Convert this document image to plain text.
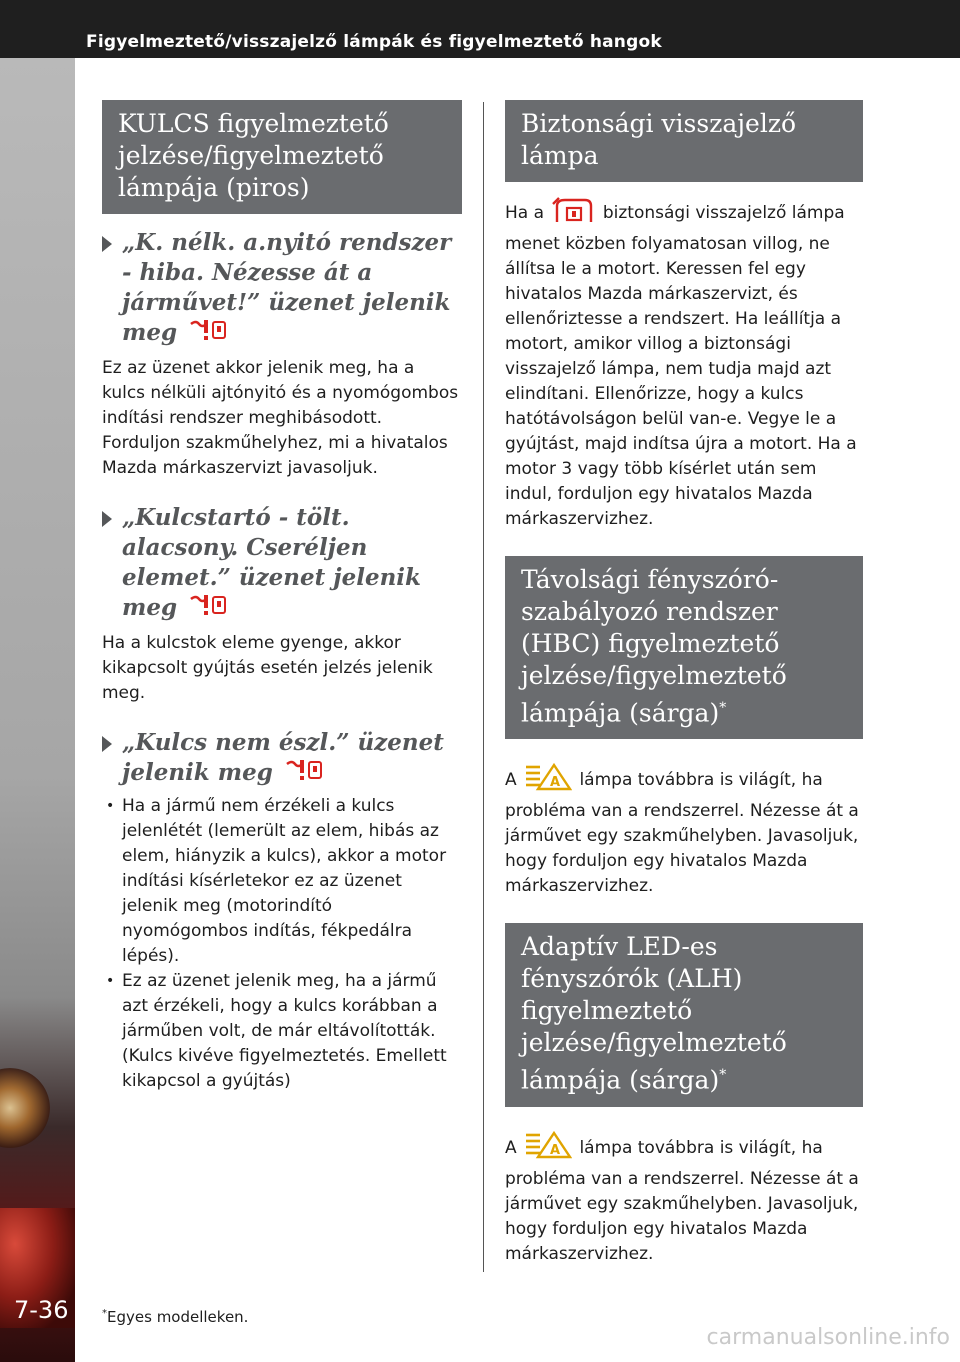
Figyelmeztető/visszajelző lámpák és figyelmeztető hangok
7-36
KULCS figyelmeztető jelzése/figyelmeztető lámpája (piros)
„K. nélk. a.nyitó rendszer - hiba. Nézesse át a járművet!” üzenet jelenik meg
Ez az üzenet akkor jelenik meg, ha a kulcs nélküli ajtónyitó és a nyomógombos indítási rendszer meghibásodott. Forduljon szakműhelyhez, mi a hivatalos Mazda márkaszervizt javasoljuk.
„Kulcstartó - tölt. alacsony. Cseréljen elemet.” üzenet jelenik meg
Ha a kulcstok eleme gyenge, akkor kikapcsolt gyújtás esetén jelzés jelenik meg.
„Kulcs nem észl.” üzenet jelenik meg
• Ha a jármű nem érzékeli a kulcs jelenlétét (lemerült az elem, hibás az elem, hiányzik a kulcs), akkor a motor indítási kísérletekor ez az üzenet jelenik meg (motorindító nyomógombos indítás, fékpedálra lépés).
• Ez az üzenet jelenik meg, ha a jármű azt érzékeli, hogy a kulcs korábban a járműben volt, de már eltávolították. (Kulcs kivéve figyelmeztetés. Emellett kikapcsol a gyújtás)
Biztonsági visszajelző lámpa
Ha a	biztonsági visszajelző lámpa menet közben folyamatosan villog, ne állítsa le a motort. Keressen fel egy hivatalos Mazda márkaszervizt, és ellenőriztesse a rendszert. Ha leállítja a motort, amikor villog a biztonsági visszajelző lámpa, nem tudja majd azt elindítani. Ellenőrizze, hogy a kulcs hatótávolságon belül van-e. Vegye le a gyújtást, majd indítsa újra a motort. Ha a motor 3 vagy több kísérlet után sem indul, forduljon egy hivatalos Mazda márkaszervizhez.
Távolsági fényszóró-szabályozó rendszer (HBC) figyelmeztető jelzése/figyelmeztető lámpája (sárga)*
A	A lámpa továbbra is világít, ha probléma van a rendszerrel. Nézesse át a járművet egy szakműhelyben. Javasoljuk, hogy forduljon egy hivatalos Mazda márkaszervizhez.
Adaptív LED-es fényszórók (ALH) figyelmeztető jelzése/figyelmeztető lámpája (sárga)*
A	A lámpa továbbra is világít, ha probléma van a rendszerrel. Nézesse át a járművet egy szakműhelyben. Javasoljuk, hogy forduljon egy hivatalos Mazda márkaszervizhez.
*Egyes modelleken.
carmanualsonline.info
